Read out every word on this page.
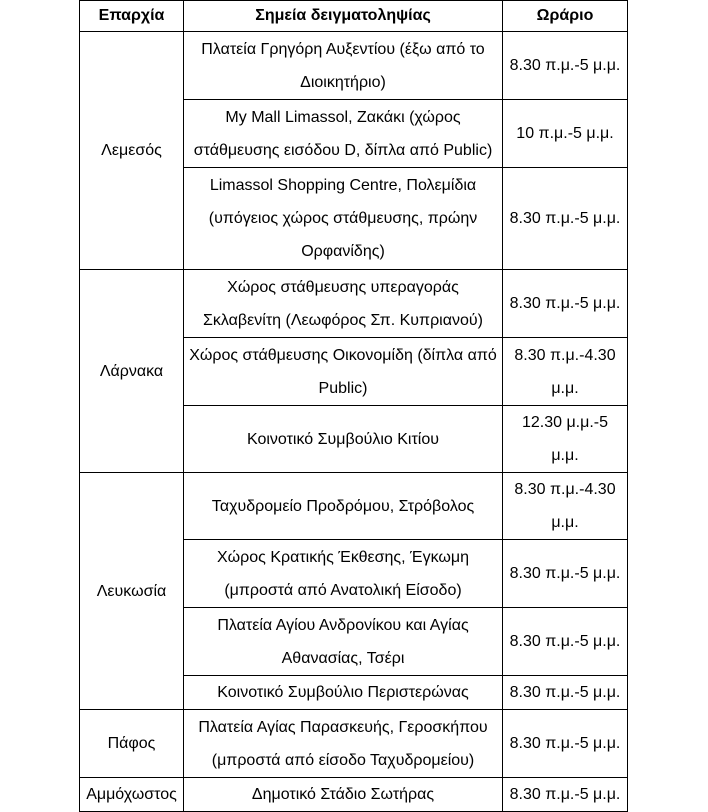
Επαρχία	Σημεία δειγματοληψίας	Ωράριο
Λεμεσός	Πλατεία Γρηγόρη Αυξεντίου (έξω από το Διοικητήριο)	8.30 π.μ.-5 μ.μ.
	My Mall Limassol, Ζακάκι (χώρος στάθμευσης εισόδου D, δίπλα από Public)	10 π.μ.-5 μ.μ.
	Limassol Shopping Centre, Πολεμίδια (υπόγειος χώρος στάθμευσης, πρώην Ορφανίδης)	8.30 π.μ.-5 μ.μ.
Λάρνακα	Χώρος στάθμευσης υπεραγοράς Σκλαβενίτη (Λεωφόρος Σπ. Κυπριανού)	8.30 π.μ.-5 μ.μ.
	Χώρος στάθμευσης Οικονομίδη (δίπλα από Public)	8.30 π.μ.-4.30 μ.μ.
	Κοινοτικό Συμβούλιο Κιτίου	12.30 μ.μ.-5 μ.μ.
Λευκωσία	Ταχυδρομείο Προδρόμου, Στρόβολος	8.30 π.μ.-4.30 μ.μ.
	Χώρος Κρατικής Έκθεσης, Έγκωμη (μπροστά από Ανατολική Είσοδο)	8.30 π.μ.-5 μ.μ.
	Πλατεία Αγίου Ανδρονίκου και Αγίας Αθανασίας, Τσέρι	8.30 π.μ.-5 μ.μ.
	Κοινοτικό Συμβούλιο Περιστερώνας	8.30 π.μ.-5 μ.μ.
Πάφος	Πλατεία Αγίας Παρασκευής, Γεροσκήπου (μπροστά από είσοδο Ταχυδρομείου)	8.30 π.μ.-5 μ.μ.
Αμμόχωστος	Δημοτικό Στάδιο Σωτήρας	8.30 π.μ.-5 μ.μ.
